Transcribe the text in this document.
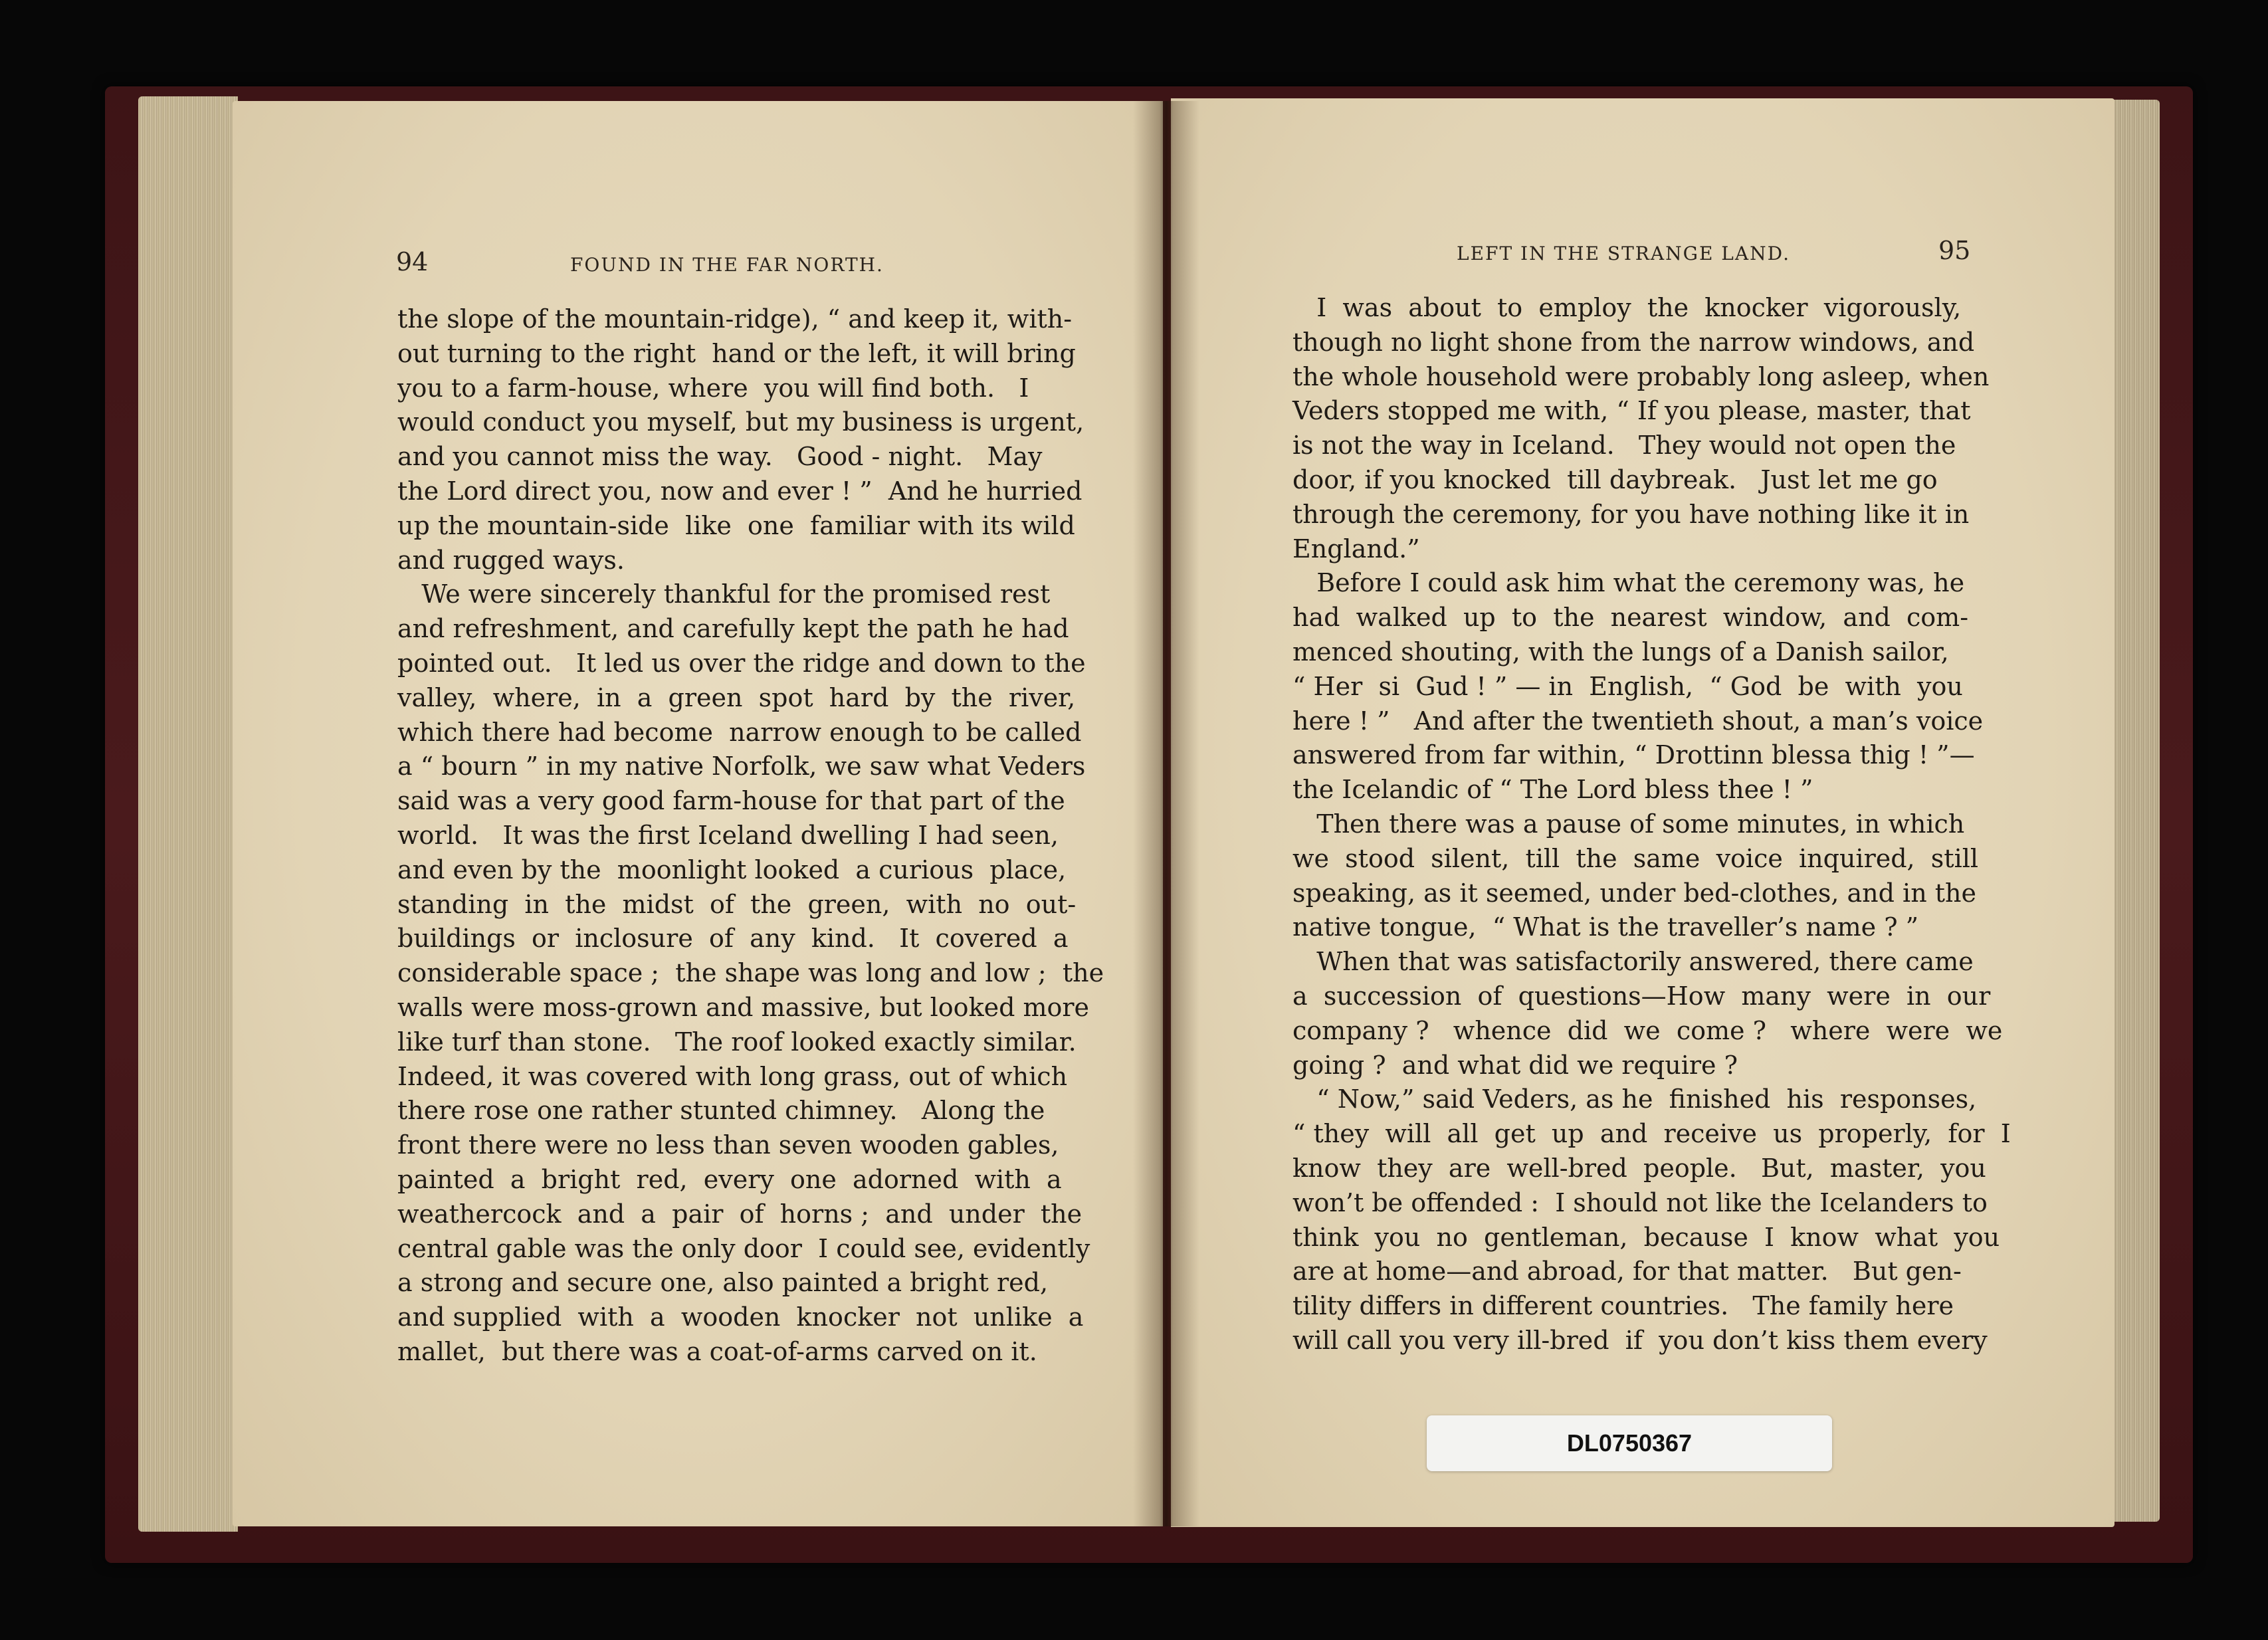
94	FOUND IN THE FAR NORTH.

the slope of the mountain-ridge), “ and keep it, with-

out turning to the right  hand or the left, it will bring

you to a farm-house, where  you will find both.   I

would conduct you myself, but my business is urgent,

and you cannot miss the way.   Good - night.   May

the Lord direct you, now and ever ! ”  And he hurried

up the mountain-side  like  one  familiar with its wild

and rugged ways.

We were sincerely thankful for the promised rest

and refreshment, and carefully kept the path he had

pointed out.   It led us over the ridge and down to the

valley,  where,  in  a  green  spot  hard  by  the  river,

which there had become  narrow enough to be called

a “ bourn ” in my native Norfolk, we saw what Veders

said was a very good farm-house for that part of the

world.   It was the first Iceland dwelling I had seen,

and even by the  moonlight looked  a curious  place,

standing  in  the  midst  of  the  green,  with  no  out-

buildings  or  inclosure  of  any  kind.   It  covered  a

considerable space ;  the shape was long and low ;  the

walls were moss-grown and massive, but looked more

like turf than stone.   The roof looked exactly similar.

Indeed, it was covered with long grass, out of which

there rose one rather stunted chimney.   Along the

front there were no less than seven wooden gables,

painted  a  bright  red,  every  one  adorned  with  a

weathercock  and  a  pair  of  horns ;  and  under  the

central gable was the only door  I could see, evidently

a strong and secure one, also painted a bright red,

and supplied  with  a  wooden  knocker  not  unlike  a

mallet,  but there was a coat-of-arms carved on it.

LEFT IN THE STRANGE LAND.	95

I  was  about  to  employ  the  knocker  vigorously,

though no light shone from the narrow windows, and

the whole household were probably long asleep, when

Veders stopped me with, “ If you please, master, that

is not the way in Iceland.   They would not open the

door, if you knocked  till daybreak.   Just let me go

through the ceremony, for you have nothing like it in

England.”

Before I could ask him what the ceremony was, he

had  walked  up  to  the  nearest  window,  and  com-

menced shouting, with the lungs of a Danish sailor,

“ Her  si  Gud ! ” — in  English,  “ God  be  with  you

here ! ”   And after the twentieth shout, a man’s voice

answered from far within, “ Drottinn blessa thig ! ”—

the Icelandic of “ The Lord bless thee ! ”

Then there was a pause of some minutes, in which

we  stood  silent,  till  the  same  voice  inquired,  still

speaking, as it seemed, under bed-clothes, and in the

native tongue,  “ What is the traveller’s name ? ”

When that was satisfactorily answered, there came

a  succession  of  questions—How  many  were  in  our

company ?   whence  did  we  come ?   where  were  we

going ?  and what did we require ?

“ Now,” said Veders, as he  finished  his  responses,

“ they  will  all  get  up  and  receive  us  properly,  for  I

know  they  are  well-bred  people.   But,  master,  you

won’t be offended :  I should not like the Icelanders to

think  you  no  gentleman,  because  I  know  what  you

are at home—and abroad, for that matter.   But gen-

tility differs in different countries.   The family here

will call you very ill-bred  if  you don’t kiss them every

DL0750367
